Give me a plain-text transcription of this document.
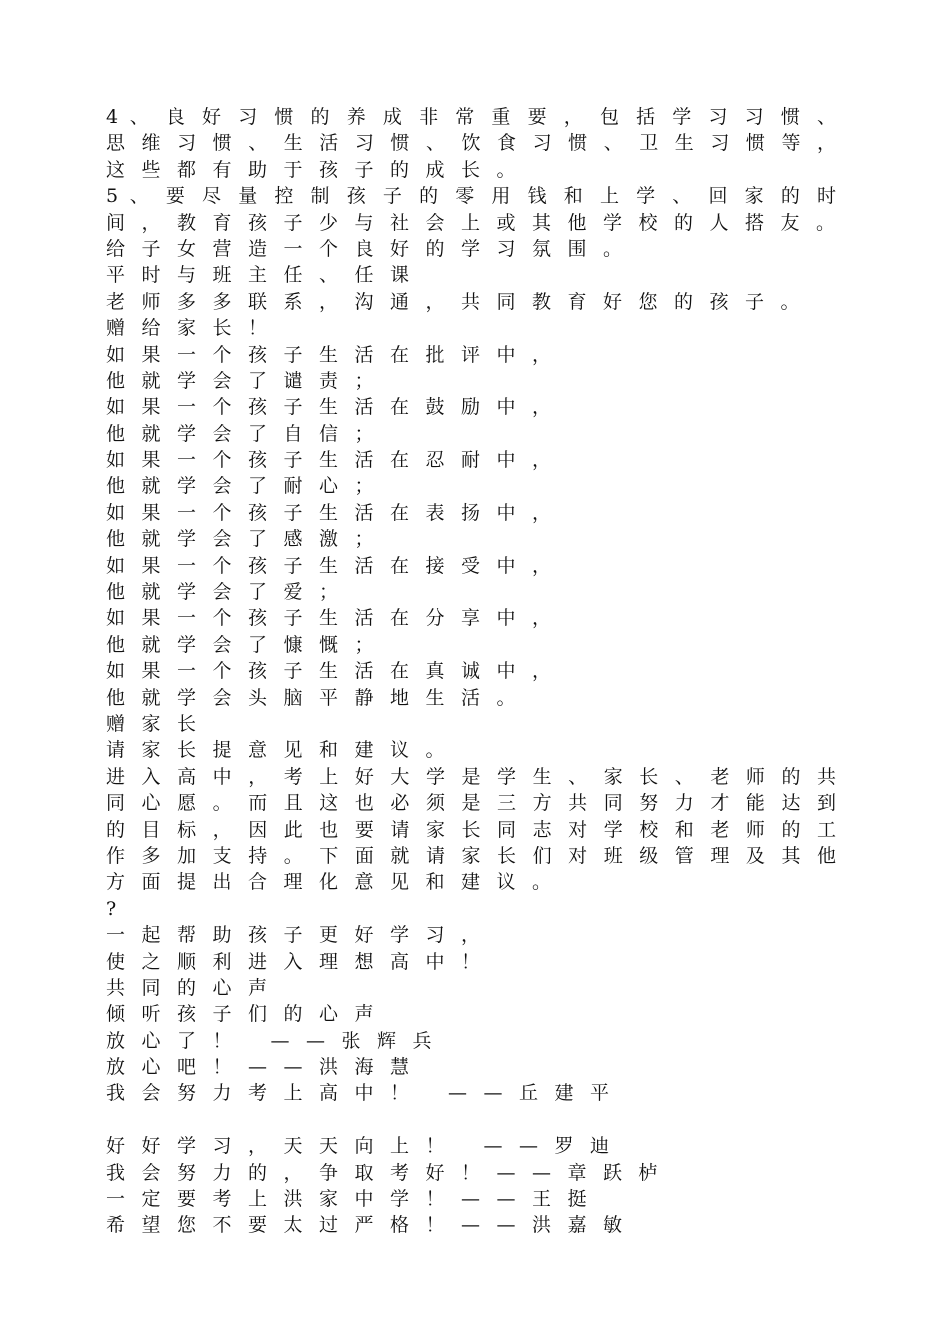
4 、 良 好 习 惯 的 养 成 非 常 重 要 ， 包 括 学 习 习 惯 、
思 维 习 惯 、 生 活 习 惯 、 饮 食 习 惯 、 卫 生 习 惯 等 ，
这些都有助于孩子的成长。
5 、 要 尽 量 控 制 孩 子 的 零 用 钱 和 上 学 、 回 家 的 时
间，教育孩子少与社会上或其他学校的人搭友。
给子女营造一个良好的学习氛围。
平时与班主任、任课
老师多多联系，沟通，共同教育好您的孩子。
赠给家长！
如果一个孩子生活在批评中，
他就学会了谴责；
如果一个孩子生活在鼓励中，
他就学会了自信；
如果一个孩子生活在忍耐中，
他就学会了耐心；
如果一个孩子生活在表扬中，
他就学会了感激；
如果一个孩子生活在接受中，
他就学会了爱；
如果一个孩子生活在分享中，
他就学会了慷慨；
如果一个孩子生活在真诚中，
他就学会头脑平静地生活。
赠家长
请家长提意见和建议。
进 入 高 中 ， 考 上 好 大 学 是 学 生 、 家 长 、 老 师 的 共
同 心 愿 。 而 且 这 也 必 须 是 三 方 共 同 努 力 才 能 达 到
的 目 标 ， 因 此 也 要 请 家 长 同 志 对 学 校 和 老 师 的 工
作 多 加 支 持 。 下 面 就 请 家 长 们 对 班 级 管 理 及 其 他
方面提出合理化意见和建议。
?
一起帮助孩子更好学习，
使之顺利进入理想高中！
共同的心声
倾听孩子们的心声
放心了！ ——张辉兵
放心吧！——洪海慧
我会努力考上高中！ ——丘建平
好好学习，天天向上！ ——罗迪
我会努力的，争取考好！——章跃栌
一定要考上洪家中学！——王挺
希望您不要太过严格！——洪嘉敏
